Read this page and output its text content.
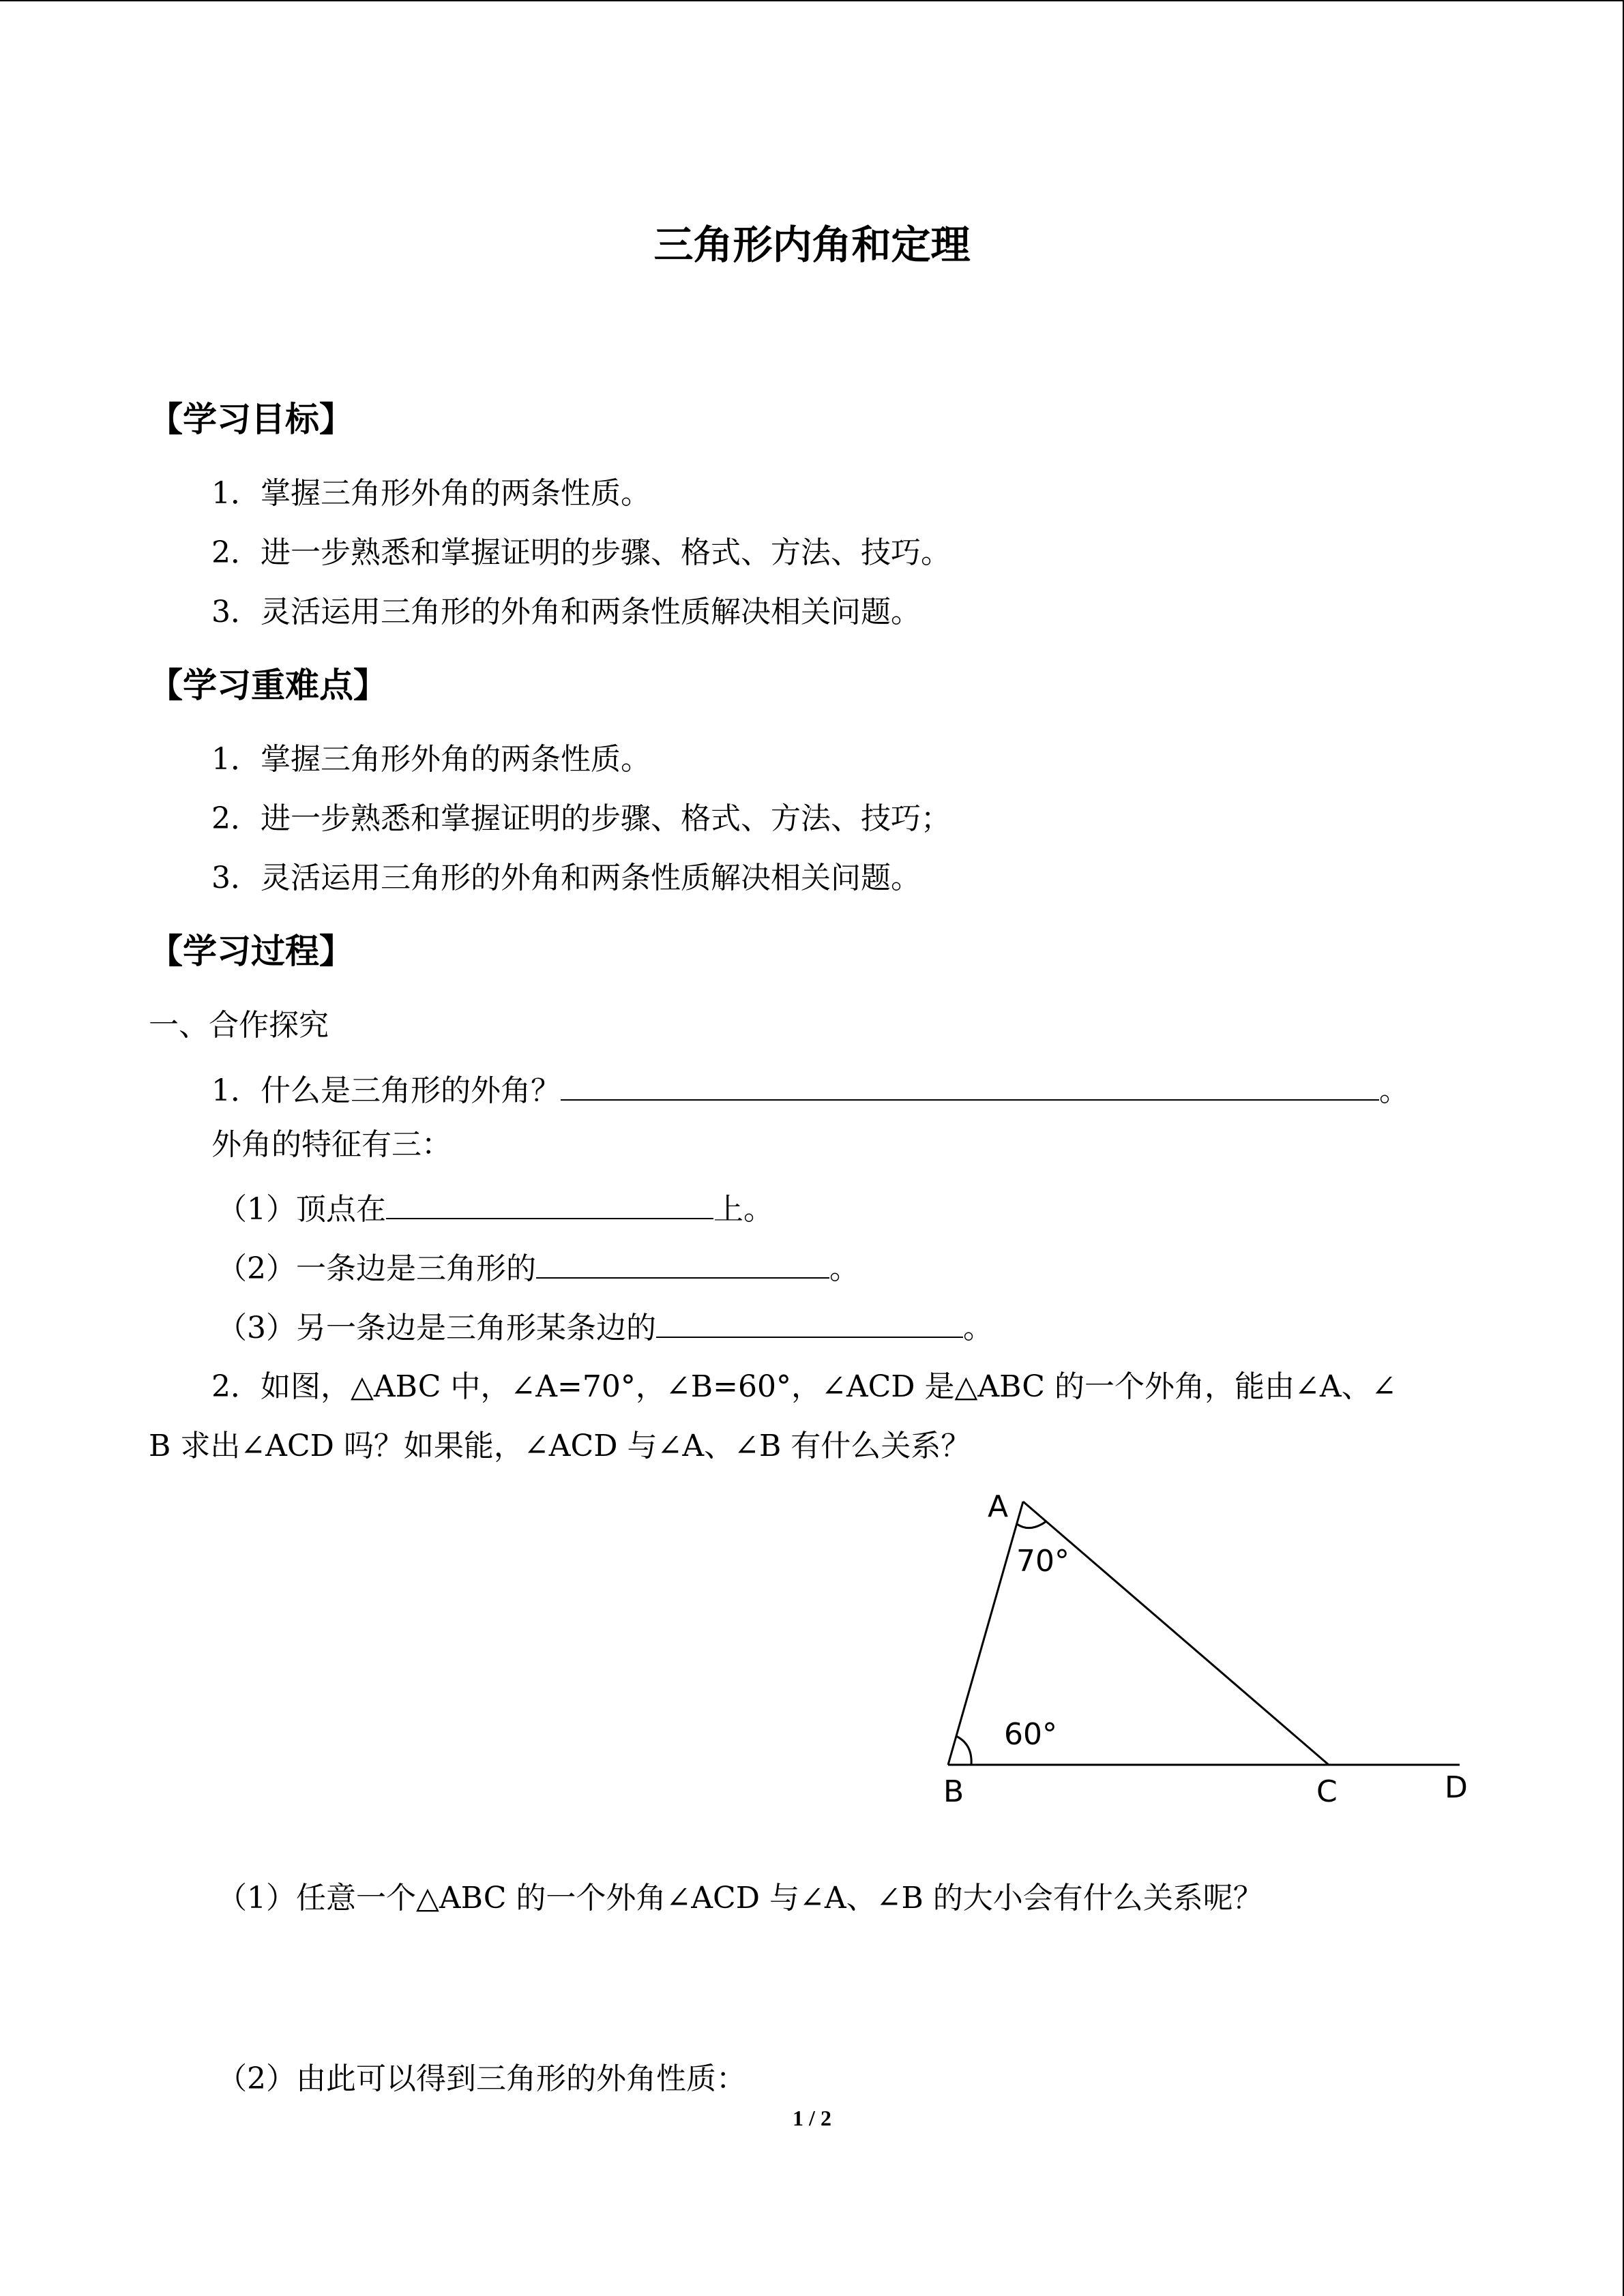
三角形内角和定理
【学习目标】
1．掌握三角形外角的两条性质。
2．进一步熟悉和掌握证明的步骤、格式、方法、技巧。
3．灵活运用三角形的外角和两条性质解决相关问题。
【学习重难点】
1．掌握三角形外角的两条性质。
2．进一步熟悉和掌握证明的步骤、格式、方法、技巧；
3．灵活运用三角形的外角和两条性质解决相关问题。
【学习过程】
一、合作探究
1．什么是三角形的外角？	。
外角的特征有三：
（1）顶点在	上。
（2）一条边是三角形的	。
（3）另一条边是三角形某条边的	。
2．如图，△ABC 中，∠A=70°，∠B=60°，∠ACD 是△ABC 的一个外角，能由∠A、∠
B 求出∠ACD 吗？如果能，∠ACD 与∠A、∠B 有什么关系？
A
B	C	D
70°
60°
（1）任意一个△ABC 的一个外角∠ACD 与∠A、∠B 的大小会有什么关系呢？
（2）由此可以得到三角形的外角性质：
1 / 2
